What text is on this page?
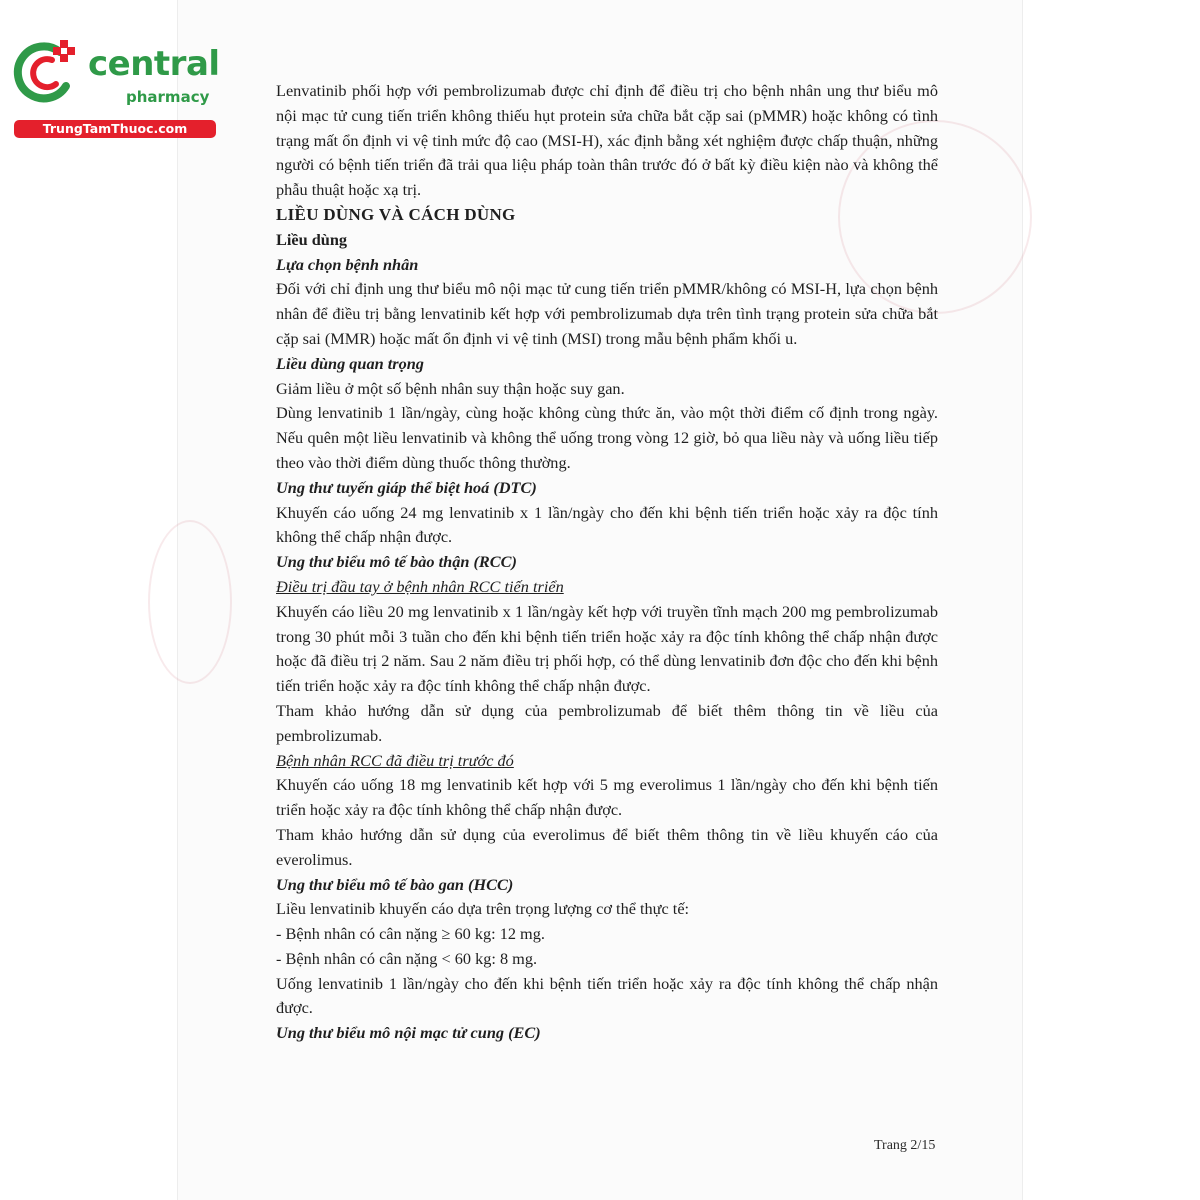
central
pharmacy
TrungTamThuoc.com

Lenvatinib phối hợp với pembrolizumab được chỉ định để điều trị cho bệnh nhân ung thư biểu mô nội mạc tử cung tiến triển không thiếu hụt protein sửa chữa bắt cặp sai (pMMR) hoặc không có tình trạng mất ổn định vi vệ tinh mức độ cao (MSI-H), xác định bằng xét nghiệm được chấp thuận, những người có bệnh tiến triển đã trải qua liệu pháp toàn thân trước đó ở bất kỳ điều kiện nào và không thể phẫu thuật hoặc xạ trị.

LIỀU DÙNG VÀ CÁCH DÙNG

Liều dùng

Lựa chọn bệnh nhân

Đối với chỉ định ung thư biểu mô nội mạc tử cung tiến triển pMMR/không có MSI-H, lựa chọn bệnh nhân để điều trị bằng lenvatinib kết hợp với pembrolizumab dựa trên tình trạng protein sửa chữa bắt cặp sai (MMR) hoặc mất ổn định vi vệ tinh (MSI) trong mẫu bệnh phẩm khối u.

Liều dùng quan trọng

Giảm liều ở một số bệnh nhân suy thận hoặc suy gan.

Dùng lenvatinib 1 lần/ngày, cùng hoặc không cùng thức ăn, vào một thời điểm cố định trong ngày. Nếu quên một liều lenvatinib và không thể uống trong vòng 12 giờ, bỏ qua liều này và uống liều tiếp theo vào thời điểm dùng thuốc thông thường.

Ung thư tuyến giáp thể biệt hoá (DTC)

Khuyến cáo uống 24 mg lenvatinib x 1 lần/ngày cho đến khi bệnh tiến triển hoặc xảy ra độc tính không thể chấp nhận được.

Ung thư biểu mô tế bào thận (RCC)

Điều trị đầu tay ở bệnh nhân RCC tiến triển

Khuyến cáo liều 20 mg lenvatinib x 1 lần/ngày kết hợp với truyền tĩnh mạch 200 mg pembrolizumab trong 30 phút mỗi 3 tuần cho đến khi bệnh tiến triển hoặc xảy ra độc tính không thể chấp nhận được hoặc đã điều trị 2 năm. Sau 2 năm điều trị phối hợp, có thể dùng lenvatinib đơn độc cho đến khi bệnh tiến triển hoặc xảy ra độc tính không thể chấp nhận được.

Tham khảo hướng dẫn sử dụng của pembrolizumab để biết thêm thông tin về liều của pembrolizumab.

Bệnh nhân RCC đã điều trị trước đó

Khuyến cáo uống 18 mg lenvatinib kết hợp với 5 mg everolimus 1 lần/ngày cho đến khi bệnh tiến triển hoặc xảy ra độc tính không thể chấp nhận được.

Tham khảo hướng dẫn sử dụng của everolimus để biết thêm thông tin về liều khuyến cáo của everolimus.

Ung thư biểu mô tế bào gan (HCC)

Liều lenvatinib khuyến cáo dựa trên trọng lượng cơ thể thực tế:

- Bệnh nhân có cân nặng ≥ 60 kg: 12 mg.

- Bệnh nhân có cân nặng < 60 kg: 8 mg.

Uống lenvatinib 1 lần/ngày cho đến khi bệnh tiến triển hoặc xảy ra độc tính không thể chấp nhận được.

Ung thư biểu mô nội mạc tử cung (EC)

Trang 2/15
